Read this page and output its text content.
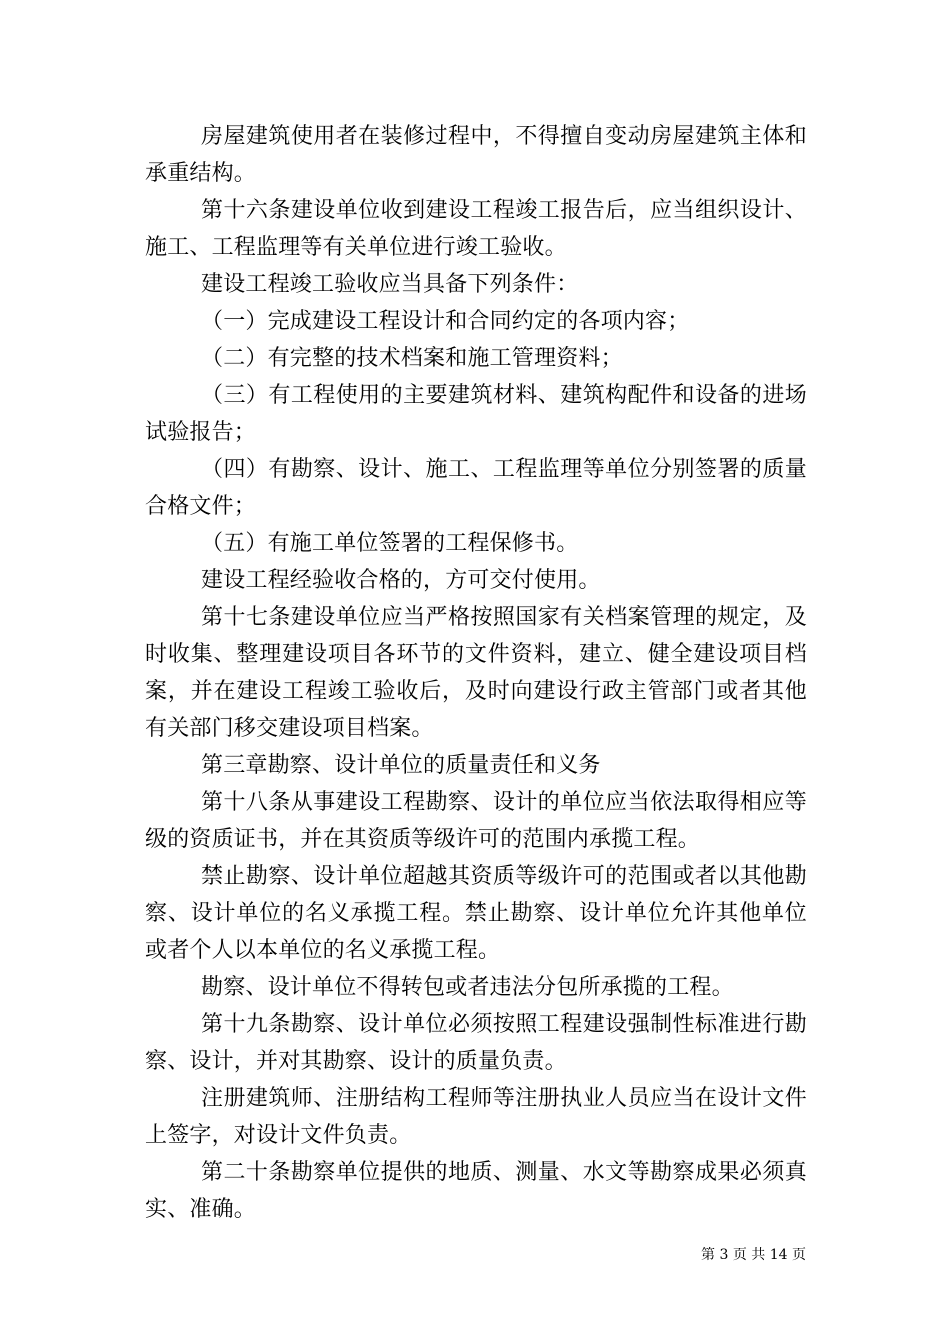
房屋建筑使用者在装修过程中，不得擅自变动房屋建筑主体和承重结构。

第十六条建设单位收到建设工程竣工报告后，应当组织设计、施工、工程监理等有关单位进行竣工验收。

建设工程竣工验收应当具备下列条件：

（一）完成建设工程设计和合同约定的各项内容；

（二）有完整的技术档案和施工管理资料；

（三）有工程使用的主要建筑材料、建筑构配件和设备的进场试验报告；

（四）有勘察、设计、施工、工程监理等单位分别签署的质量合格文件；

（五）有施工单位签署的工程保修书。

建设工程经验收合格的，方可交付使用。

第十七条建设单位应当严格按照国家有关档案管理的规定，及时收集、整理建设项目各环节的文件资料，建立、健全建设项目档案，并在建设工程竣工验收后，及时向建设行政主管部门或者其他有关部门移交建设项目档案。

第三章勘察、设计单位的质量责任和义务

第十八条从事建设工程勘察、设计的单位应当依法取得相应等级的资质证书，并在其资质等级许可的范围内承揽工程。

禁止勘察、设计单位超越其资质等级许可的范围或者以其他勘察、设计单位的名义承揽工程。禁止勘察、设计单位允许其他单位或者个人以本单位的名义承揽工程。

勘察、设计单位不得转包或者违法分包所承揽的工程。

第十九条勘察、设计单位必须按照工程建设强制性标准进行勘察、设计，并对其勘察、设计的质量负责。

注册建筑师、注册结构工程师等注册执业人员应当在设计文件上签字，对设计文件负责。

第二十条勘察单位提供的地质、测量、水文等勘察成果必须真实、准确。

第 3 页 共 14 页
